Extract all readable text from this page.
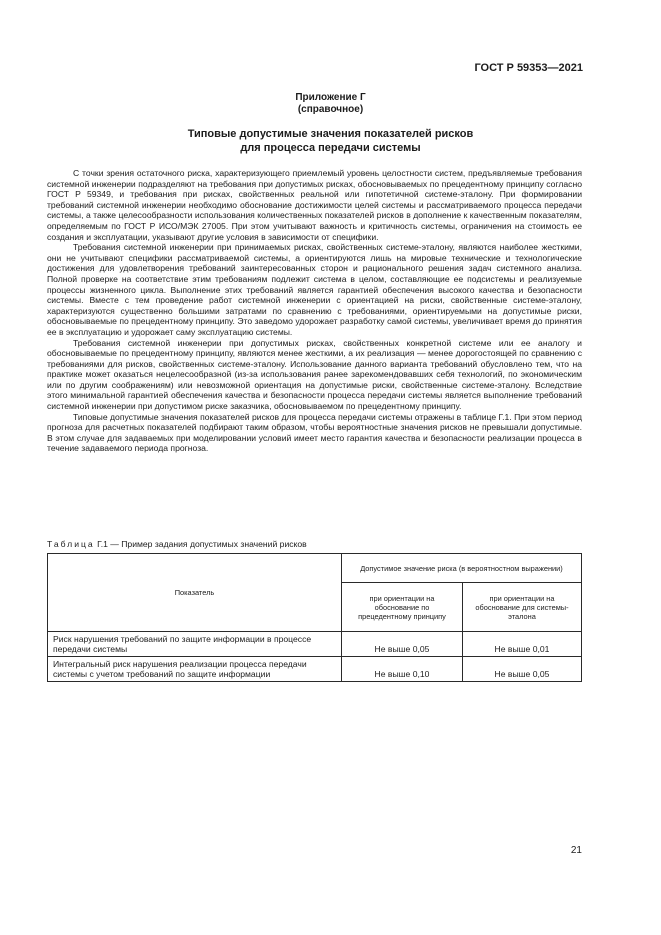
ГОСТ Р 59353—2021
Приложение Г
(справочное)
Типовые допустимые значения показателей рисков
для процесса передачи системы

С точки зрения остаточного риска, характеризующего приемлемый уровень целостности систем, предъявляемые требования системной инженерии подразделяют на требования при допустимых рисках, обосновываемых по прецедентному принципу согласно ГОСТ Р 59349, и требования при рисках, свойственных реальной или гипотетичной системе-эталону. При формировании требований системной инженерии необходимо обоснование достижимости целей системы и рассматриваемого процесса передачи системы, а также целесообразности использования количественных показателей рисков в дополнение к качественным показателям, определяемым по ГОСТ Р ИСО/МЭК 27005. При этом учитывают важность и критичность системы, ограничения на стоимость ее создания и эксплуатации, указывают другие условия в зависимости от специфики.

Требования системной инженерии при принимаемых рисках, свойственных системе-эталону, являются наиболее жесткими, они не учитывают специфики рассматриваемой системы, а ориентируются лишь на мировые технические и технологические достижения для удовлетворения требований заинтересованных сторон и рационального решения задач системного анализа. Полной проверке на соответствие этим требованиям подлежит система в целом, составляющие ее подсистемы и реализуемые процессы жизненного цикла. Выполнение этих требований является гарантией обеспечения высокого качества и безопасности системы. Вместе с тем проведение работ системной инженерии с ориентацией на риски, свойственные системе-эталону, характеризуются существенно большими затратами по сравнению с требованиями, ориентируемыми на допустимые риски, обосновываемые по прецедентному принципу. Это заведомо удорожает разработку самой системы, увеличивает время до принятия ее в эксплуатацию и удорожает саму эксплуатацию системы.

Требования системной инженерии при допустимых рисках, свойственных конкретной системе или ее аналогу и обосновываемые по прецедентному принципу, являются менее жесткими, а их реализация — менее дорогостоящей по сравнению с требованиями для рисков, свойственных системе-эталону. Использование данного варианта требований обусловлено тем, что на практике может оказаться нецелесообразной (из-за использования ранее зарекомендовавших себя технологий, по экономическим или по другим соображениям) или невозможной ориентация на допустимые риски, свойственные системе-эталону. Вследствие этого минимальной гарантией обеспечения качества и безопасности процесса передачи системы является выполнение требований системной инженерии при допустимом риске заказчика, обосновываемом по прецедентному принципу.

Типовые допустимые значения показателей рисков для процесса передачи системы отражены в таблице Г.1. При этом период прогноза для расчетных показателей подбирают таким образом, чтобы вероятностные значения рисков не превышали допустимые. В этом случае для задаваемых при моделировании условий имеет место гарантия качества и безопасности реализации процесса в течение задаваемого периода прогноза.

Таблица Г.1 — Пример задания допустимых значений рисков
Показатель	Допустимое значение риска (в вероятностном выражении)	
	при ориентации на обоснование по прецедентному принципу	при ориентации на обоснование для системы-эталона
Риск нарушения требований по защите информации в процессе передачи системы	Не выше 0,05	Не выше 0,01
Интегральный риск нарушения реализации процесса передачи системы с учетом требований по защите информации	Не выше 0,10	Не выше 0,05
21
